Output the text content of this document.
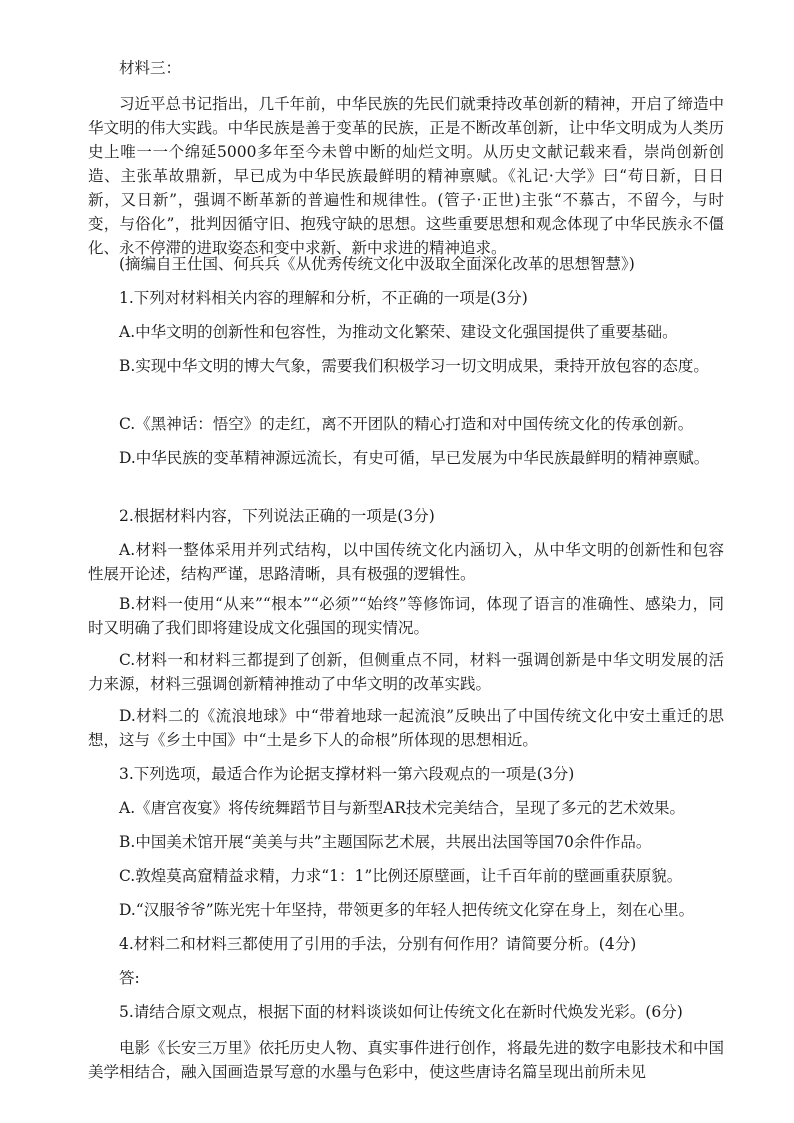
材料三：
习近平总书记指出，几千年前，中华民族的先民们就秉持改革创新的精神，开启了缔造中华文明的伟大实践。中华民族是善于变革的民族，正是不断改革创新，让中华文明成为人类历史上唯一一个绵延5000多年至今未曾中断的灿烂文明。从历史文献记载来看，崇尚创新创造、主张革故鼎新，早已成为中华民族最鲜明的精神禀赋。《礼记·大学》曰“苟日新，日日新，又日新”，强调不断革新的普遍性和规律性。(管子·正世)主张“不慕古，不留今，与时变，与俗化”，批判因循守旧、抱残守缺的思想。这些重要思想和观念体现了中华民族永不僵化、永不停滞的进取姿态和变中求新、新中求进的精神追求。
(摘编自王仕国、何兵兵《从优秀传统文化中汲取全面深化改革的思想智慧》)
1.下列对材料相关内容的理解和分析，不正确的一项是(3分)
A.中华文明的创新性和包容性，为推动文化繁荣、建设文化强国提供了重要基础。
B.实现中华文明的博大气象，需要我们积极学习一切文明成果，秉持开放包容的态度。
C.《黑神话：悟空》的走红，离不开团队的精心打造和对中国传统文化的传承创新。
D.中华民族的变革精神源远流长，有史可循，早已发展为中华民族最鲜明的精神禀赋。
2.根据材料内容，下列说法正确的一项是(3分)
A.材料一整体采用并列式结构，以中国传统文化内涵切入，从中华文明的创新性和包容性展开论述，结构严谨，思路清晰，具有极强的逻辑性。
B.材料一使用“从来”“根本”“必须”“始终”等修饰词，体现了语言的准确性、感染力，同时又明确了我们即将建设成文化强国的现实情况。
C.材料一和材料三都提到了创新，但侧重点不同，材料一强调创新是中华文明发展的活力来源，材料三强调创新精神推动了中华文明的改革实践。
D.材料二的《流浪地球》中“带着地球一起流浪”反映出了中国传统文化中安土重迁的思想，这与《乡土中国》中“土是乡下人的命根”所体现的思想相近。
3.下列选项，最适合作为论据支撑材料一第六段观点的一项是(3分)
A.《唐宫夜宴》将传统舞蹈节目与新型AR技术完美结合，呈现了多元的艺术效果。
B.中国美术馆开展“美美与共”主题国际艺术展，共展出法国等国70余件作品。
C.敦煌莫高窟精益求精，力求“1：1”比例还原壁画，让千百年前的壁画重获原貌。
D.“汉服爷爷”陈光宪十年坚持，带领更多的年轻人把传统文化穿在身上，刻在心里。
4.材料二和材料三都使用了引用的手法，分别有何作用？请简要分析。(4分)
答:
5.请结合原文观点，根据下面的材料谈谈如何让传统文化在新时代焕发光彩。(6分)
电影《长安三万里》依托历史人物、真实事件进行创作，将最先进的数字电影技术和中国美学相结合，融入国画造景写意的水墨与色彩中，使这些唐诗名篇呈现出前所未见
